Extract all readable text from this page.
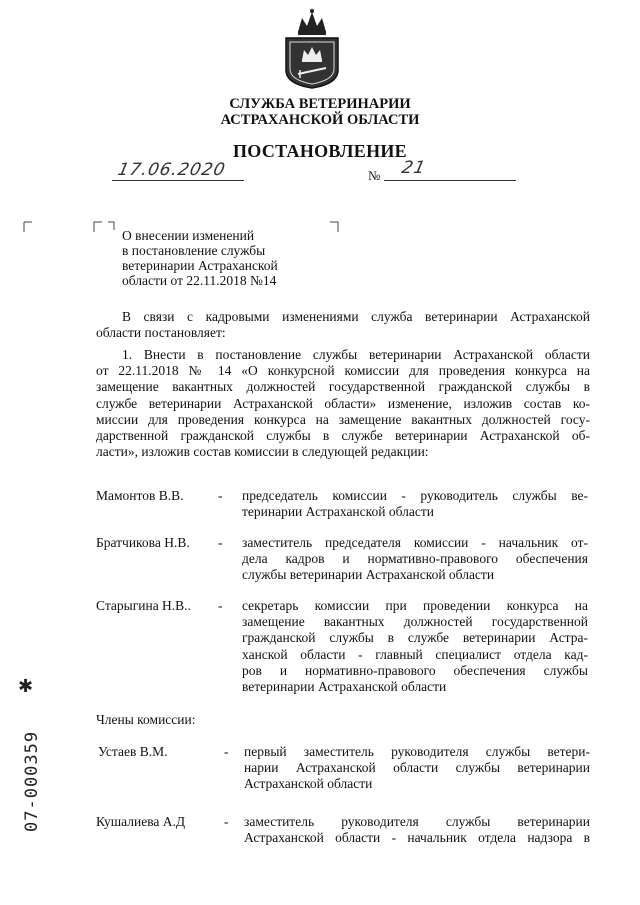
СЛУЖБА ВЕТЕРИНАРИИ
АСТРАХАНСКОЙ ОБЛАСТИ
ПОСТАНОВЛЕНИЕ
17.06.2020	№ 21
О внесении изменений
в постановление службы
ветеринарии Астраханской
области от 22.11.2018 №14
В связи с кадровыми изменениями служба ветеринарии Астраханской
области постановляет:
1. Внести в постановление службы ветеринарии Астраханской области
от 22.11.2018 № 14 «О конкурсной комиссии для проведения конкурса на
замещение вакантных должностей государственной гражданской службы в
службе ветеринарии Астраханской области» изменение, изложив состав ко-
миссии для проведения конкурса на замещение вакантных должностей госу-
дарственной гражданской службы в службе ветеринарии Астраханской об-
ласти», изложив состав комиссии в следующей редакции:
Мамонтов В.В.	- председатель комиссии - руководитель службы ве-
теринарии Астраханской области
Братчикова Н.В. - заместитель председателя комиссии - начальник от-
дела кадров и нормативно-правового обеспечения
службы ветеринарии Астраханской области
Старыгина Н.В.. - секретарь комиссии при проведении конкурса на
замещение вакантных должностей государственной
гражданской службы в службе ветеринарии Астра-
ханской области - главный специалист отдела кад-
ров и нормативно-правового обеспечения службы
ветеринарии Астраханской области
Члены комиссии:
Устаев В.М.	- первый заместитель руководителя службы ветери-
нарии Астраханской области службы ветеринарии
Астраханской области
Кушалиева А.Д	- заместитель руководителя службы ветеринарии
Астраханской области - начальник отдела надзора в
✱
07-000359
